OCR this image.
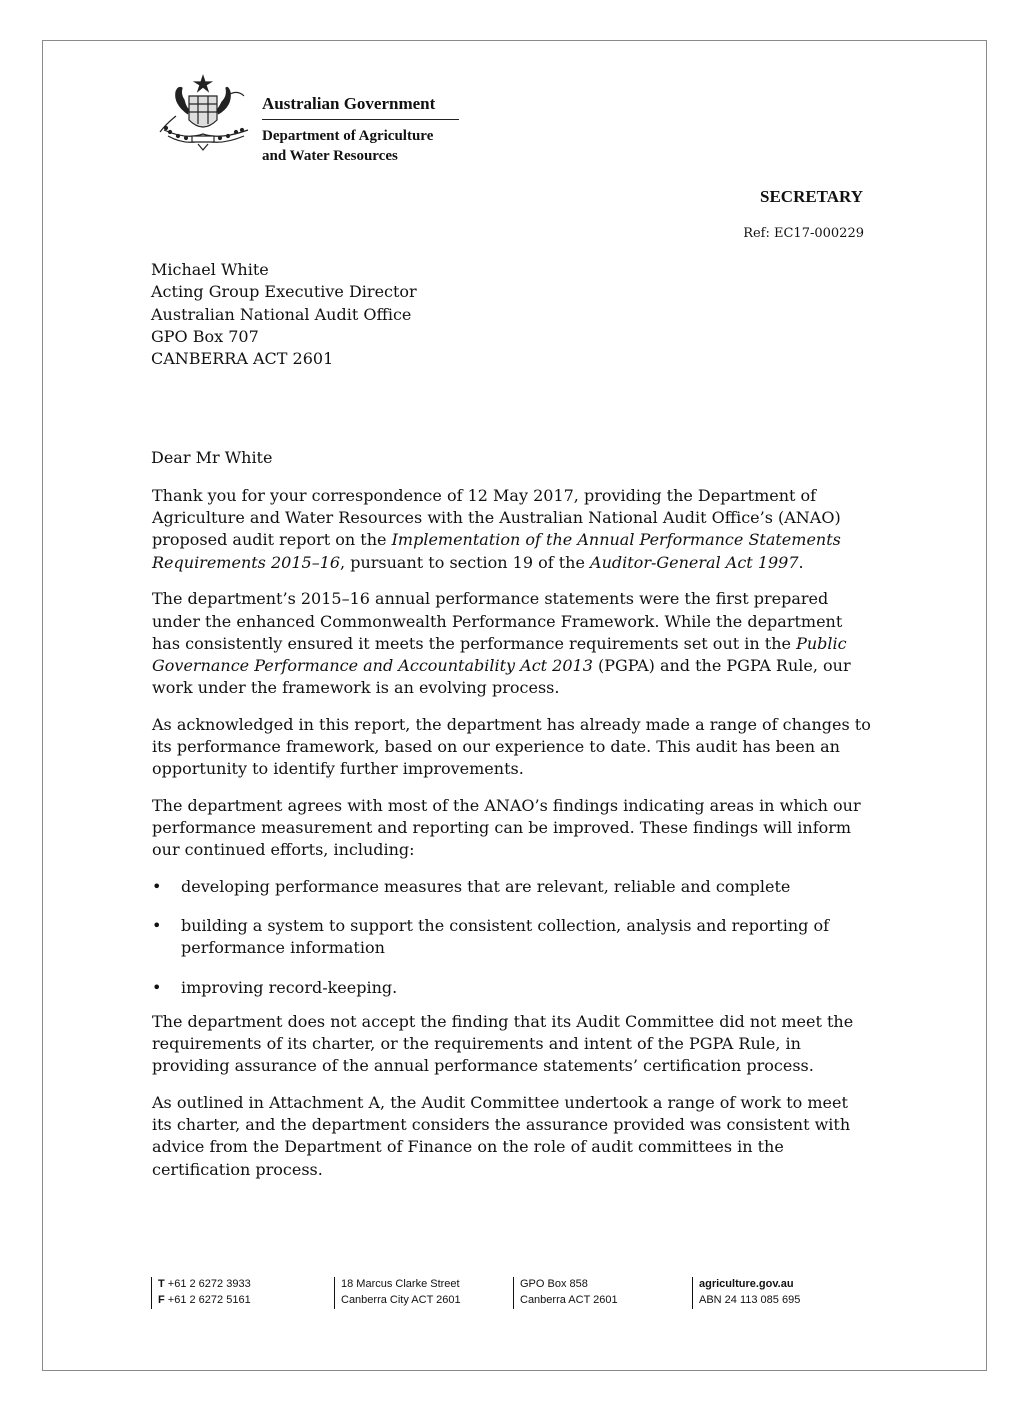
Australian Government
Department of Agriculture
and Water Resources
SECRETARY
Ref: EC17-000229
Michael White
Acting Group Executive Director
Australian National Audit Office
GPO Box 707
CANBERRA ACT 2601
Dear Mr White

Thank you for your correspondence of 12 May 2017, providing the Department of Agriculture and Water Resources with the Australian National Audit Office’s (ANAO) proposed audit report on the Implementation of the Annual Performance Statements Requirements 2015–16, pursuant to section 19 of the Auditor-General Act 1997.

The department’s 2015–16 annual performance statements were the first prepared under the enhanced Commonwealth Performance Framework. While the department has consistently ensured it meets the performance requirements set out in the Public Governance Performance and Accountability Act 2013 (PGPA) and the PGPA Rule, our work under the framework is an evolving process.

As acknowledged in this report, the department has already made a range of changes to its performance framework, based on our experience to date. This audit has been an opportunity to identify further improvements.

The department agrees with most of the ANAO’s findings indicating areas in which our performance measurement and reporting can be improved. These findings will inform our continued efforts, including:

• developing performance measures that are relevant, reliable and complete
• building a system to support the consistent collection, analysis and reporting of performance information
• improving record-keeping.

The department does not accept the finding that its Audit Committee did not meet the requirements of its charter, or the requirements and intent of the PGPA Rule, in providing assurance of the annual performance statements’ certification process.

As outlined in Attachment A, the Audit Committee undertook a range of work to meet its charter, and the department considers the assurance provided was consistent with advice from the Department of Finance on the role of audit committees in the certification process.

T +61 2 6272 3933
F +61 2 6272 5161
18 Marcus Clarke Street
Canberra City ACT 2601
GPO Box 858
Canberra ACT 2601
agriculture.gov.au
ABN 24 113 085 695
